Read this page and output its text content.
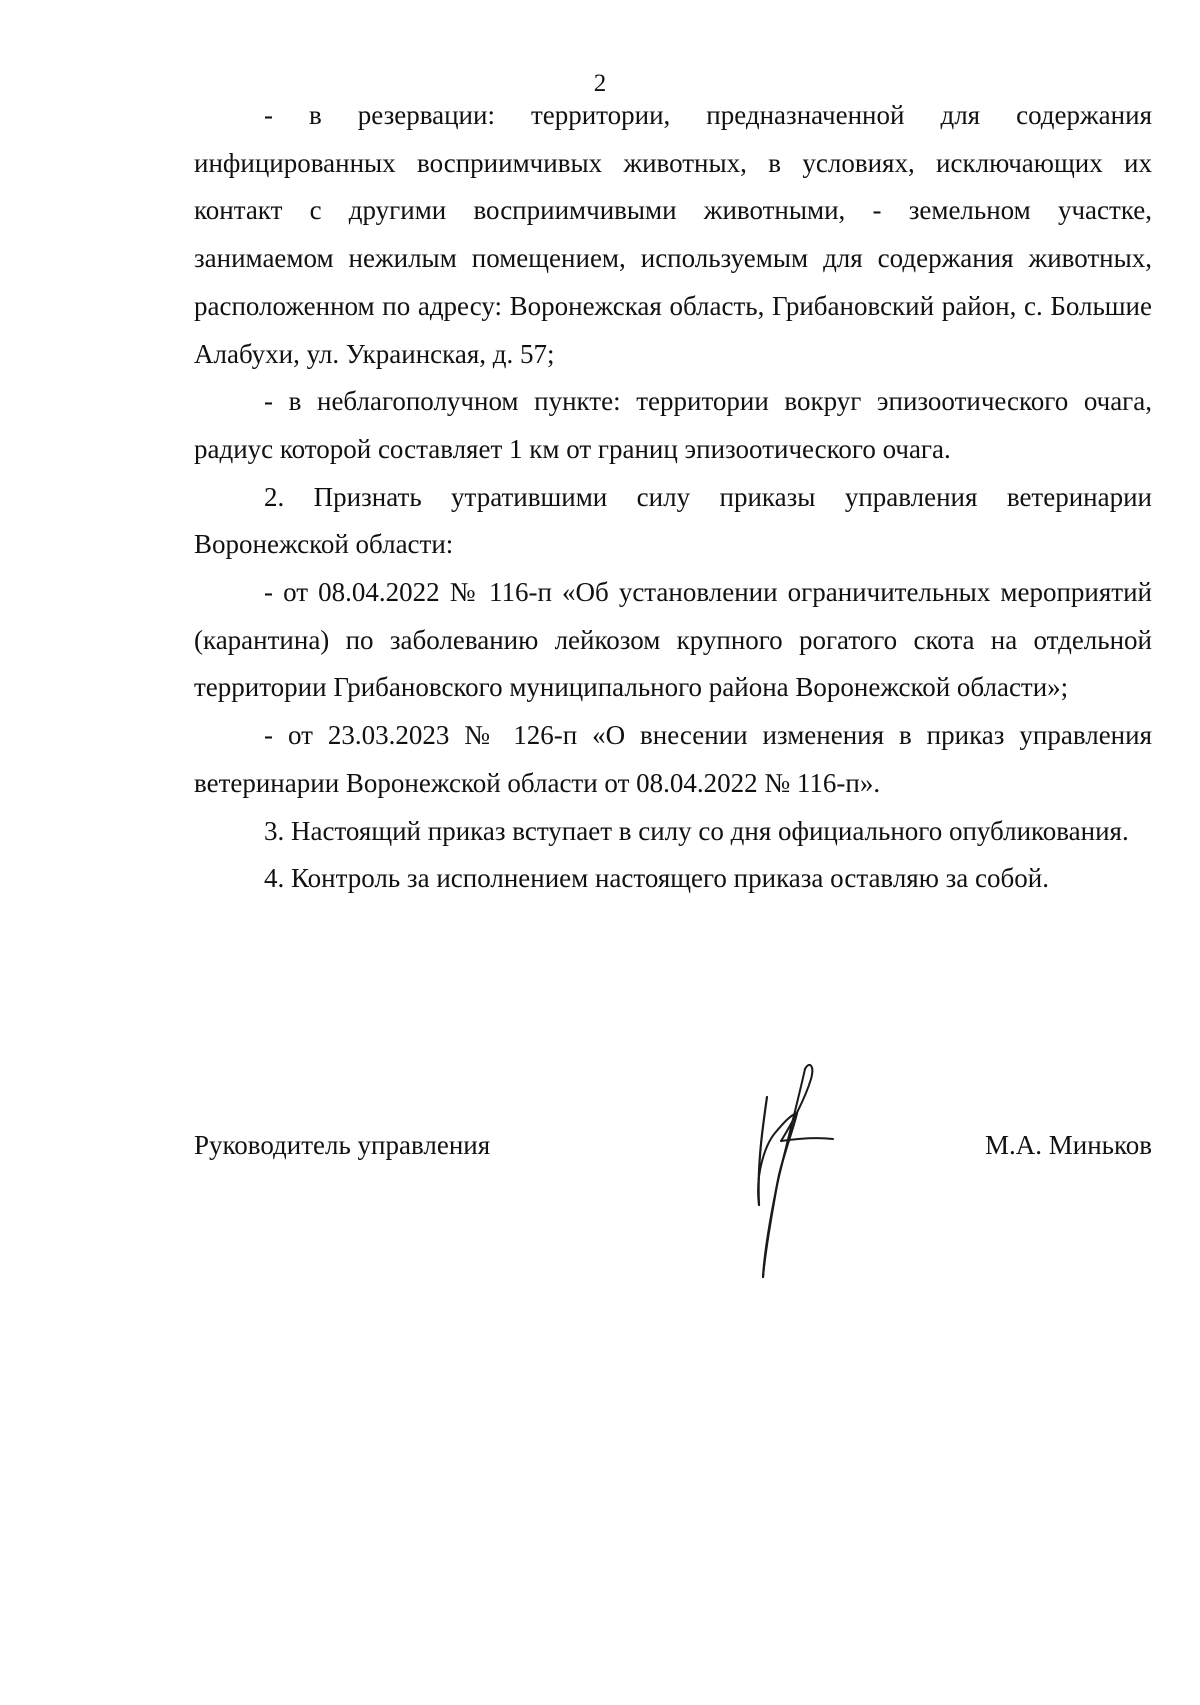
2

- в резервации: территории, предназначенной для содержания инфицированных восприимчивых животных, в условиях, исключающих их контакт с другими восприимчивыми животными, - земельном участке, занимаемом нежилым помещением, используемым для содержания животных, расположенном по адресу: Воронежская область, Грибановский район, с. Большие Алабухи, ул. Украинская, д. 57;

- в неблагополучном пункте: территории вокруг эпизоотического очага, радиус которой составляет 1 км от границ эпизоотического очага.

2. Признать утратившими силу приказы управления ветеринарии Воронежской области:

- от 08.04.2022 № 116-п «Об установлении ограничительных мероприятий (карантина) по заболеванию лейкозом крупного рогатого скота на отдельной территории Грибановского муниципального района Воронежской области»;

- от 23.03.2023 № 126-п «О внесении изменения в приказ управления ветеринарии Воронежской области от 08.04.2022 № 116-п».

3. Настоящий приказ вступает в силу со дня официального опубликования.

4. Контроль за исполнением настоящего приказа оставляю за собой.

Руководитель управления	М.А. Миньков
